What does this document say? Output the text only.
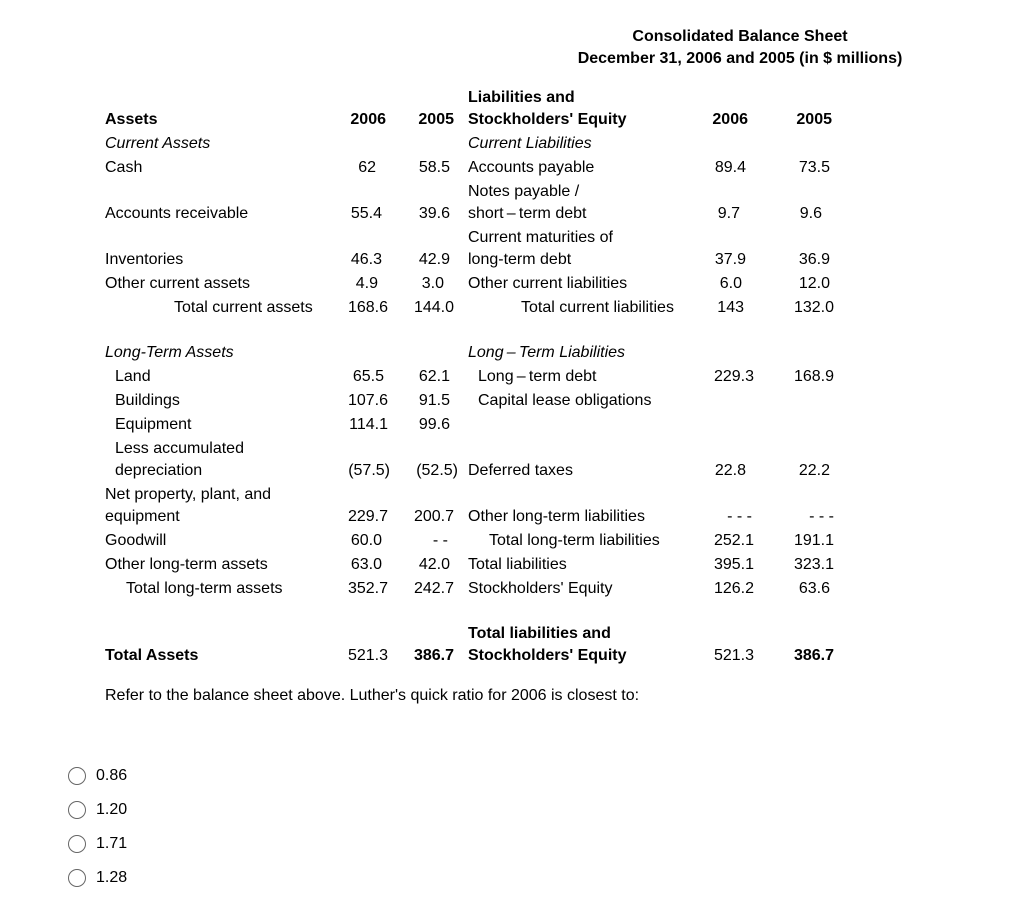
Consolidated Balance Sheet
December 31, 2006 and 2005 (in $ millions)
Assets	2006	2005
Current Assets
Cash	62	58.5
Accounts receivable	55.4	39.6
Inventories	46.3	42.9
Other current assets	4.9	3.0
Total current assets	168.6	144.0
Long-Term Assets
Land	65.5	62.1
Buildings	107.6	91.5
Equipment	114.1	99.6
Less accumulated
depreciation	(57.5)	(52.5)
Net property, plant, and
equipment	229.7	200.7
Goodwill	60.0	- -
Other long-term assets	63.0	42.0
Total long-term assets	352.7	242.7
Total Assets	521.3	386.7
Liabilities and
Stockholders' Equity	2006	2005
Current Liabilities
Accounts payable	89.4	73.5
Notes payable /
short – term debt	9.7	9.6
Current maturities of
long-term debt	37.9	36.9
Other current liabilities	6.0	12.0
Total current liabilities	143	132.0
Long – Term Liabilities
Long – term debt	229.3	168.9
Capital lease obligations
Deferred taxes	22.8	22.2
Other long-term liabilities	- - -	- - -
Total long-term liabilities	252.1	191.1
Total liabilities	395.1	323.1
Stockholders' Equity	126.2	63.6
Total liabilities and
Stockholders' Equity	521.3	386.7
Refer to the balance sheet above. Luther's quick ratio for 2006 is closest to:
0.86
1.20
1.71
1.28
